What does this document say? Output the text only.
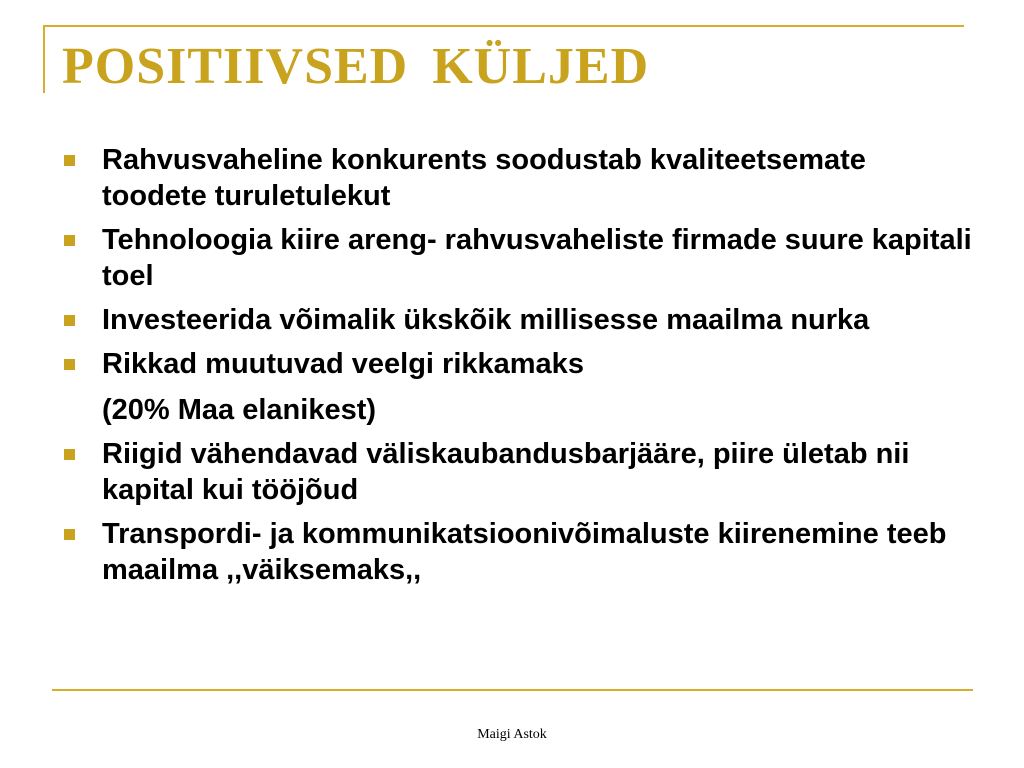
POSITIIVSED KÜLJED
Rahvusvaheline konkurents soodustab kvaliteetsemate toodete turuletulekut
Tehnoloogia kiire areng- rahvusvaheliste firmade suure kapitali toel
Investeerida võimalik ükskõik millisesse maailma nurka
Rikkad muutuvad veelgi rikkamaks
(20% Maa elanikest)
Riigid vähendavad väliskaubandusbarjääre, piire ületab nii kapital kui tööjõud
Transpordi- ja kommunikatsioonivõimaluste kiirenemine teeb maailma ,,väiksemaks,,
Maigi Astok
